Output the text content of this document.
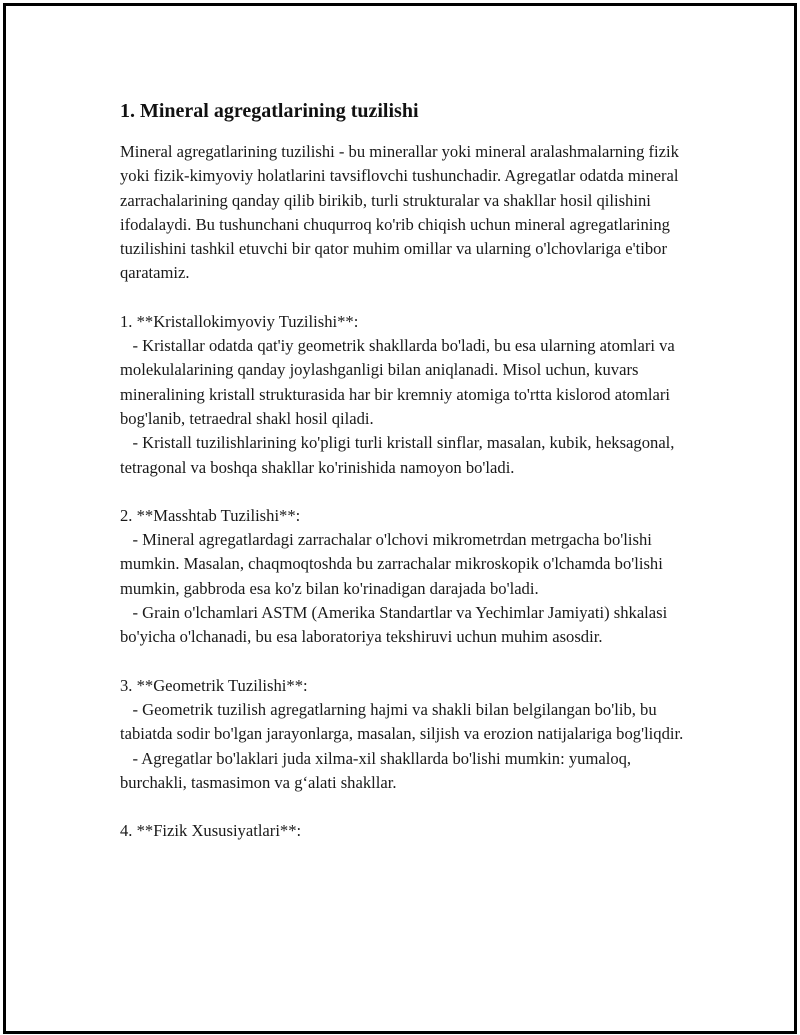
1. Mineral agregatlarining tuzilishi

Mineral agregatlarining tuzilishi - bu minerallar yoki mineral aralashmalarning fizik yoki fizik-kimyoviy holatlarini tavsiflovchi tushunchadir. Agregatlar odatda mineral zarrachalarining qanday qilib birikib, turli strukturalar va shakllar hosil qilishini ifodalaydi. Bu tushunchani chuqurroq ko'rib chiqish uchun mineral agregatlarining tuzilishini tashkil etuvchi bir qator muhim omillar va ularning o'lchovlariga e'tibor qaratamiz.

1. **Kristallokimyoviy Tuzilishi**:

- Kristallar odatda qat'iy geometrik shakllarda bo'ladi, bu esa ularning atomlari va molekulalarining qanday joylashganligi bilan aniqlanadi. Misol uchun, kuvars mineralining kristall strukturasida har bir kremniy atomiga to'rtta kislorod atomlari bog'lanib, tetraedral shakl hosil qiladi.

- Kristall tuzilishlarining ko'pligi turli kristall sinflar, masalan, kubik, heksagonal, tetragonal va boshqa shakllar ko'rinishida namoyon bo'ladi.

2. **Masshtab Tuzilishi**:

- Mineral agregatlardagi zarrachalar o'lchovi mikrometrdan metrgacha bo'lishi mumkin. Masalan, chaqmoqtoshda bu zarrachalar mikroskopik o'lchamda bo'lishi mumkin, gabbroda esa ko'z bilan ko'rinadigan darajada bo'ladi.

- Grain o'lchamlari ASTM (Amerika Standartlar va Yechimlar Jamiyati) shkalasi bo'yicha o'lchanadi, bu esa laboratoriya tekshiruvi uchun muhim asosdir.

3. **Geometrik Tuzilishi**:

- Geometrik tuzilish agregatlarning hajmi va shakli bilan belgilangan bo'lib, bu tabiatda sodir bo'lgan jarayonlarga, masalan, siljish va erozion natijalariga bog'liqdir.

- Agregatlar bo'laklari juda xilma-xil shakllarda bo'lishi mumkin: yumaloq, burchakli, tasmasimon va g‘alati shakllar.

4. **Fizik Xususiyatlari**:
